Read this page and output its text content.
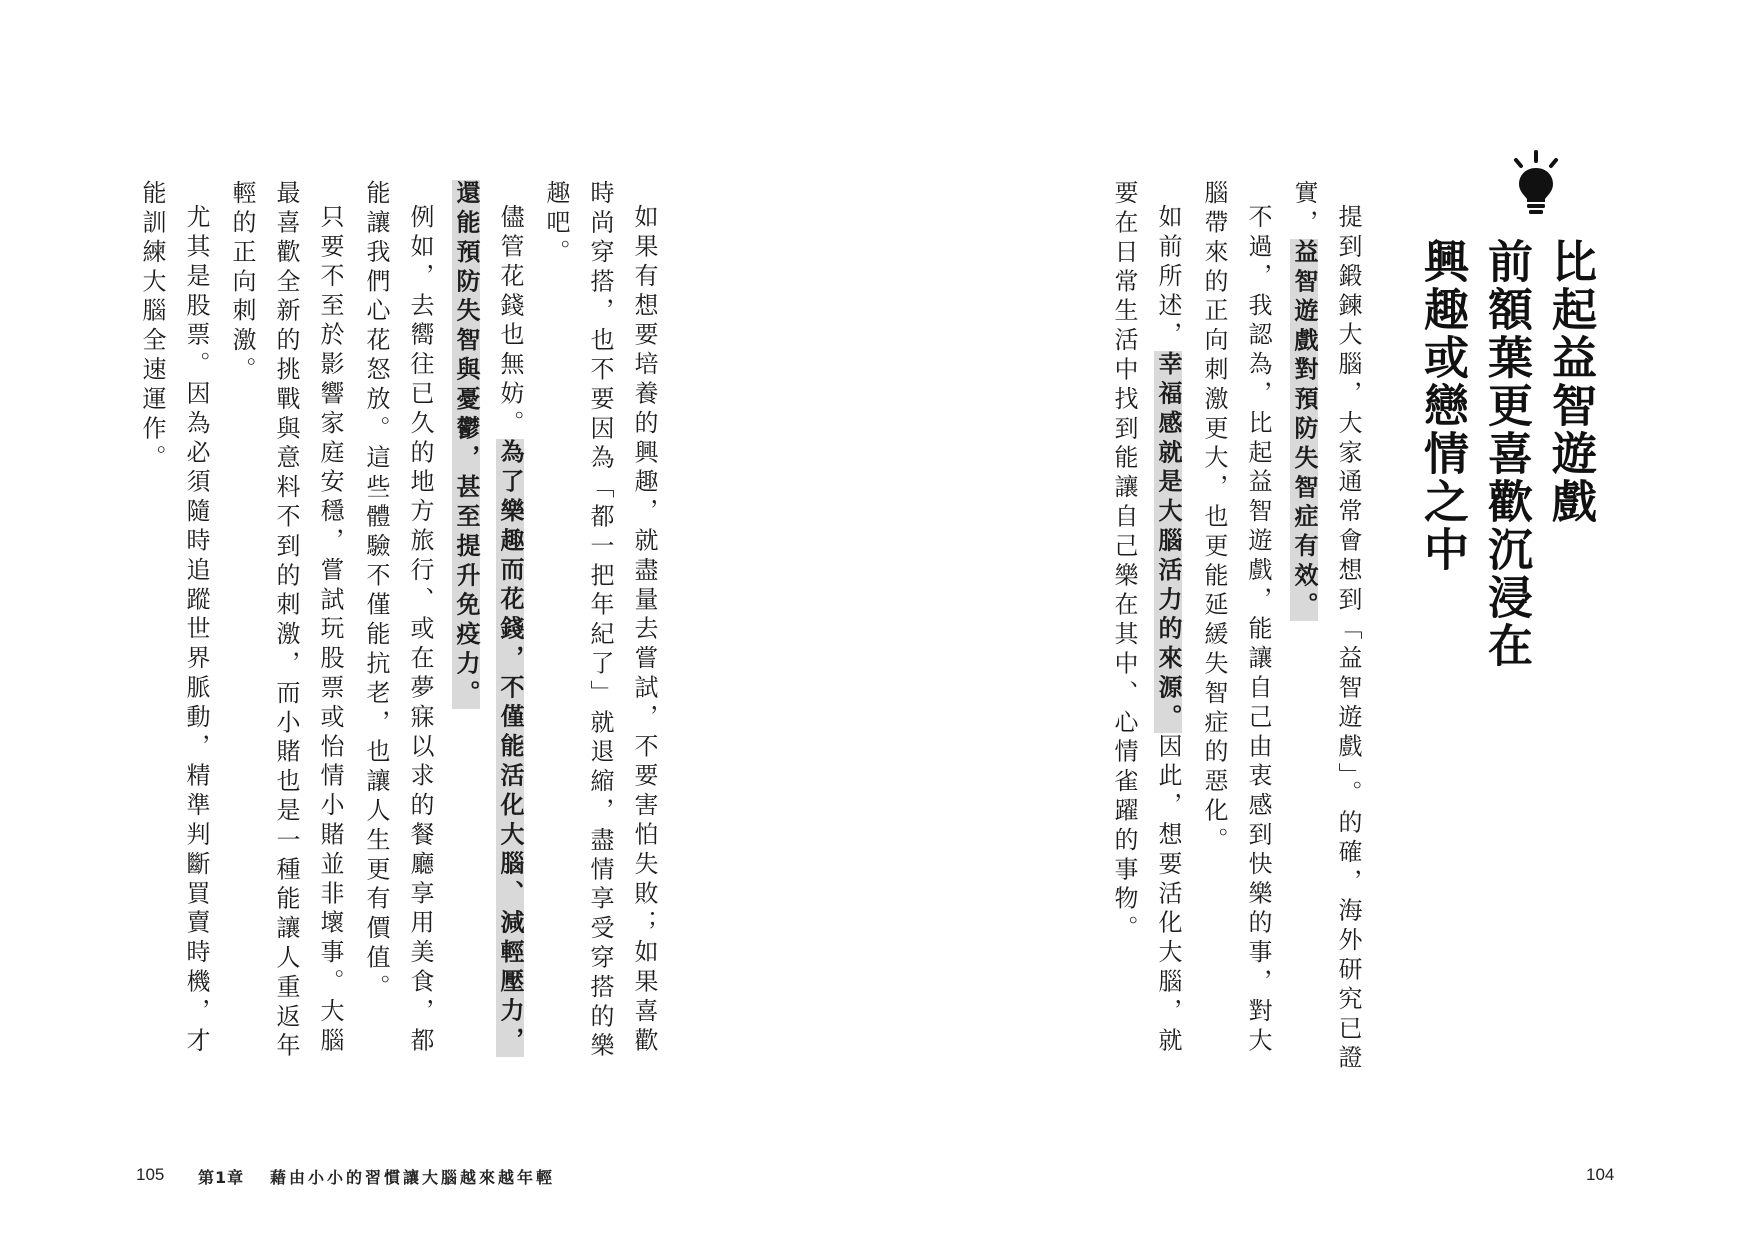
比起益智遊戲
前額葉更喜歡沉浸在
興趣或戀情之中

提到鍛鍊大腦，大家通常會想到「益智遊戲」。的確，海外研究已證實，益智遊戲對預防失智症有效。

不過，我認為，比起益智遊戲，能讓自己由衷感到快樂的事，對大腦帶來的正向刺激更大，也更能延緩失智症的惡化。

如前所述，幸福感就是大腦活力的來源。因此，想要活化大腦，就要在日常生活中找到能讓自己樂在其中、心情雀躍的事物。

104

如果有想要培養的興趣，就盡量去嘗試，不要害怕失敗；如果喜歡時尚穿搭，也不要因為「都一把年紀了」就退縮，盡情享受穿搭的樂趣吧。

儘管花錢也無妨。為了樂趣而花錢，不僅能活化大腦、減輕壓力，還能預防失智與憂鬱，甚至提升免疫力。

例如，去嚮往已久的地方旅行、或在夢寐以求的餐廳享用美食，都能讓我們心花怒放。這些體驗不僅能抗老，也讓人生更有價值。

只要不至於影響家庭安穩，嘗試玩股票或怡情小賭並非壞事。大腦最喜歡全新的挑戰與意料不到的刺激，而小賭也是一種能讓人重返年輕的正向刺激。

尤其是股票。因為必須隨時追蹤世界脈動，精準判斷買賣時機，才能訓練大腦全速運作。

105 第1章 藉由小小的習慣讓大腦越來越年輕
